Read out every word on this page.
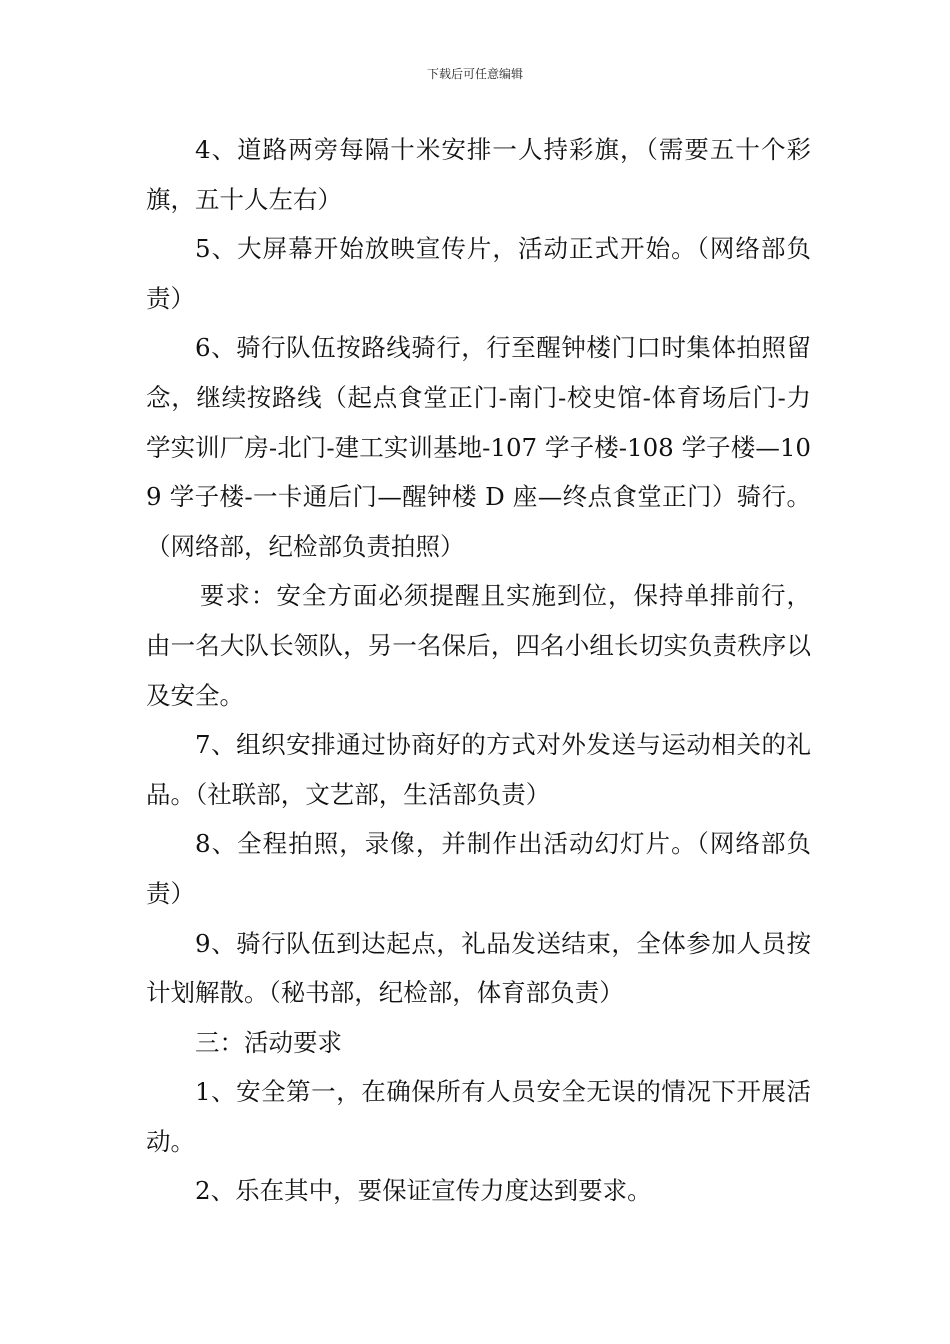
下载后可任意编辑

4、道路两旁每隔十米安排一人持彩旗，（需要五十个彩旗，五十人左右）

5、大屏幕开始放映宣传片，活动正式开始。（网络部负责）

6、骑行队伍按路线骑行，行至醒钟楼门口时集体拍照留念，继续按路线（起点食堂正门-南门-校史馆-体育场后门-力学实训厂房-北门-建工实训基地-107 学子楼-108 学子楼—109 学子楼-一卡通后门—醒钟楼 D 座—终点食堂正门）骑行。（网络部，纪检部负责拍照）

要求：安全方面必须提醒且实施到位，保持单排前行，由一名大队长领队，另一名保后，四名小组长切实负责秩序以及安全。

7、组织安排通过协商好的方式对外发送与运动相关的礼品。（社联部，文艺部，生活部负责）

8、全程拍照，录像，并制作出活动幻灯片。（网络部负责）

9、骑行队伍到达起点，礼品发送结束，全体参加人员按计划解散。（秘书部，纪检部，体育部负责）

三：活动要求

1、安全第一，在确保所有人员安全无误的情况下开展活动。

2、乐在其中，要保证宣传力度达到要求。
